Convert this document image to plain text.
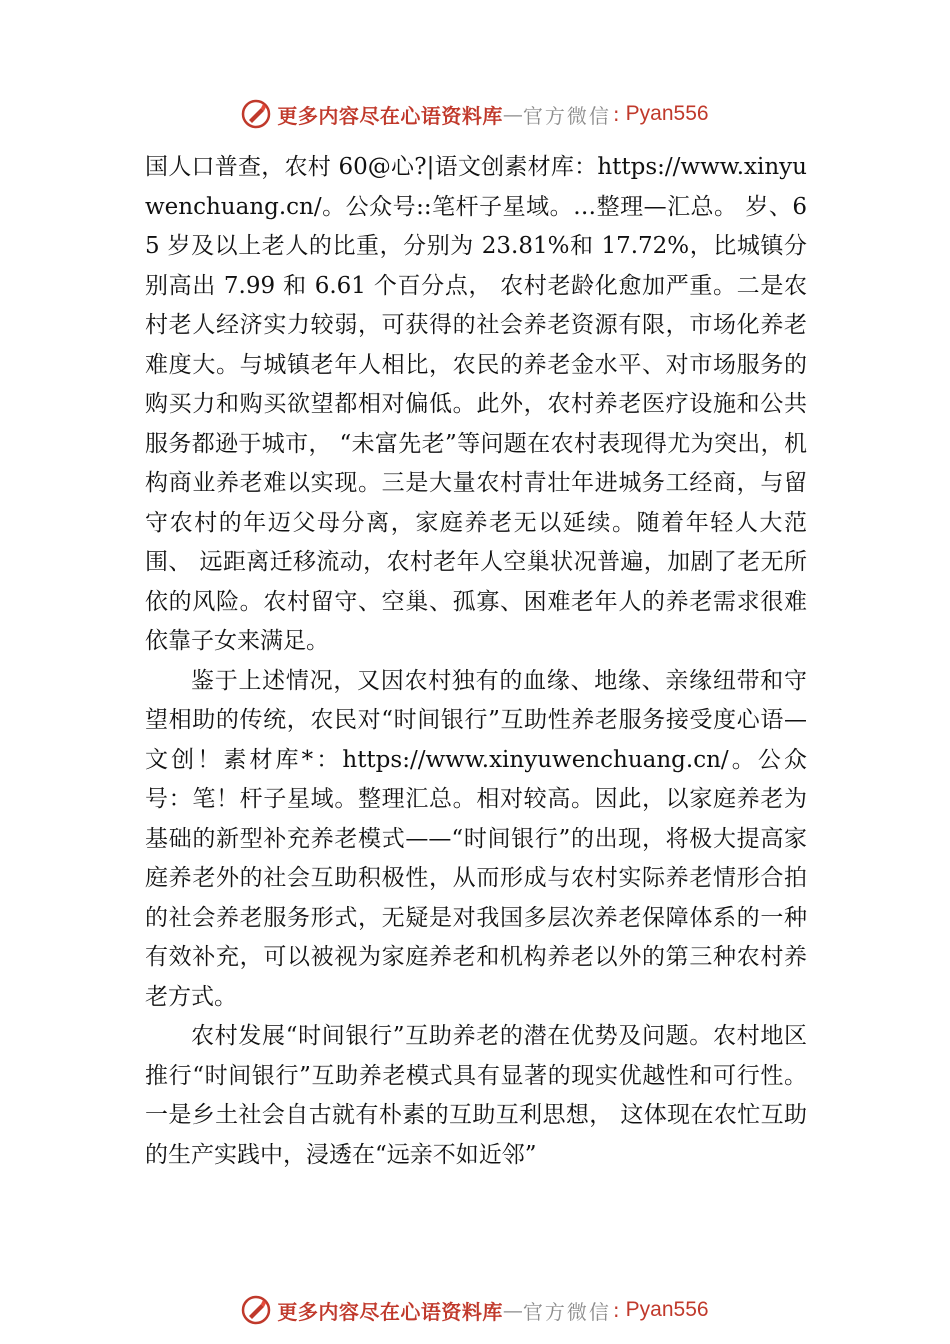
更多内容尽在心语资料库 — 官方微信 : Pyan556

国人口普查，农村 60@心?|语文创素材库：https://www.xinyuwenchuang.cn/。公众号::笔杆子星域。…整理—汇总。 岁、65 岁及以上老人的比重，分别为 23.81%和 17.72%，比城镇分别高出 7.99 和 6.61 个百分点， 农村老龄化愈加严重。二是农村老人经济实力较弱，可获得的社会养老资源有限，市场化养老难度大。与城镇老年人相比，农民的养老金水平、对市场服务的购买力和购买欲望都相对偏低。此外，农村养老医疗设施和公共服务都逊于城市， “未富先老”等问题在农村表现得尤为突出，机构商业养老难以实现。三是大量农村青壮年进城务工经商，与留守农村的年迈父母分离，家庭养老无以延续。随着年轻人大范围、 远距离迁移流动，农村老年人空巢状况普遍，加剧了老无所依的风险。农村留守、空巢、孤寡、困难老年人的养老需求很难依靠子女来满足。

鉴于上述情况，又因农村独有的血缘、地缘、亲缘纽带和守望相助的传统，农民对“时间银行”互助性养老服务接受度心语—文创！素材库*：https://www.xinyuwenchuang.cn/。公众号：笔！杆子星域。整理汇总。相对较高。因此，以家庭养老为基础的新型补充养老模式——“时间银行”的出现，将极大提高家庭养老外的社会互助积极性，从而形成与农村实际养老情形合拍的社会养老服务形式，无疑是对我国多层次养老保障体系的一种有效补充，可以被视为家庭养老和机构养老以外的第三种农村养老方式。

农村发展“时间银行”互助养老的潜在优势及问题。农村地区推行“时间银行”互助养老模式具有显著的现实优越性和可行性。一是乡土社会自古就有朴素的互助互利思想， 这体现在农忙互助的生产实践中，浸透在“远亲不如近邻”

更多内容尽在心语资料库 — 官方微信 : Pyan556
